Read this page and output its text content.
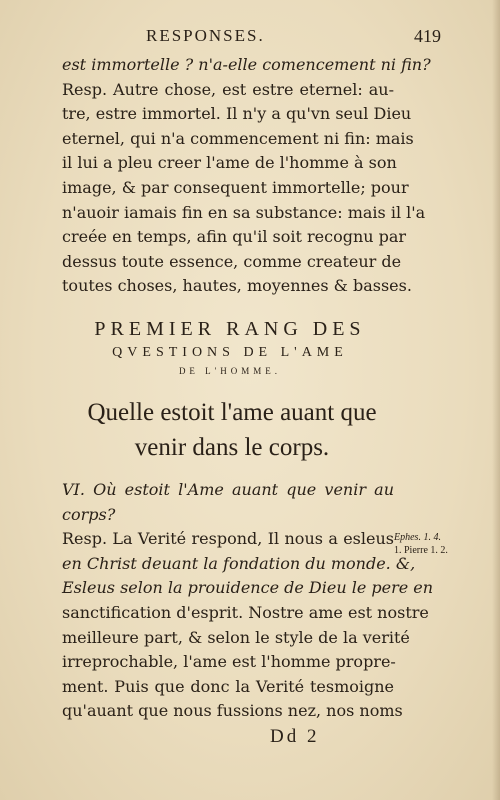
RESPONSES.	419
est immortelle ? n'a-elle comencement ni fin?
Resp. Autre chose, est estre eternel: au-
tre, estre immortel. Il n'y a qu'vn seul Dieu
eternel, qui n'a commencement ni fin: mais
il lui a pleu creer l'ame de l'homme à son
image, & par consequent immortelle; pour
n'auoir iamais fin en sa substance: mais il l'a
creée en temps, afin qu'il soit recognu par
dessus toute essence, comme createur de
toutes choses, hautes, moyennes & basses.
PREMIER RANG DES
QVESTIONS DE L'AME
DE L'HOMME.
Quelle estoit l'ame auant que
venir dans le corps.
VI. Où estoit l'Ame auant que venir au
corps?
Resp. La Verité respond, Il nous a esleus
en Christ deuant la fondation du monde. &,
Esleus selon la prouidence de Dieu le pere en
sanctification d'esprit. Nostre ame est nostre
meilleure part, & selon le style de la verité
irreprochable, l'ame est l'homme propre-
ment. Puis que donc la Verité tesmoigne
qu'auant que nous fussions nez, nos noms
Ephes. 1. 4.
1. Pierre 1. 2.
Dd 2
